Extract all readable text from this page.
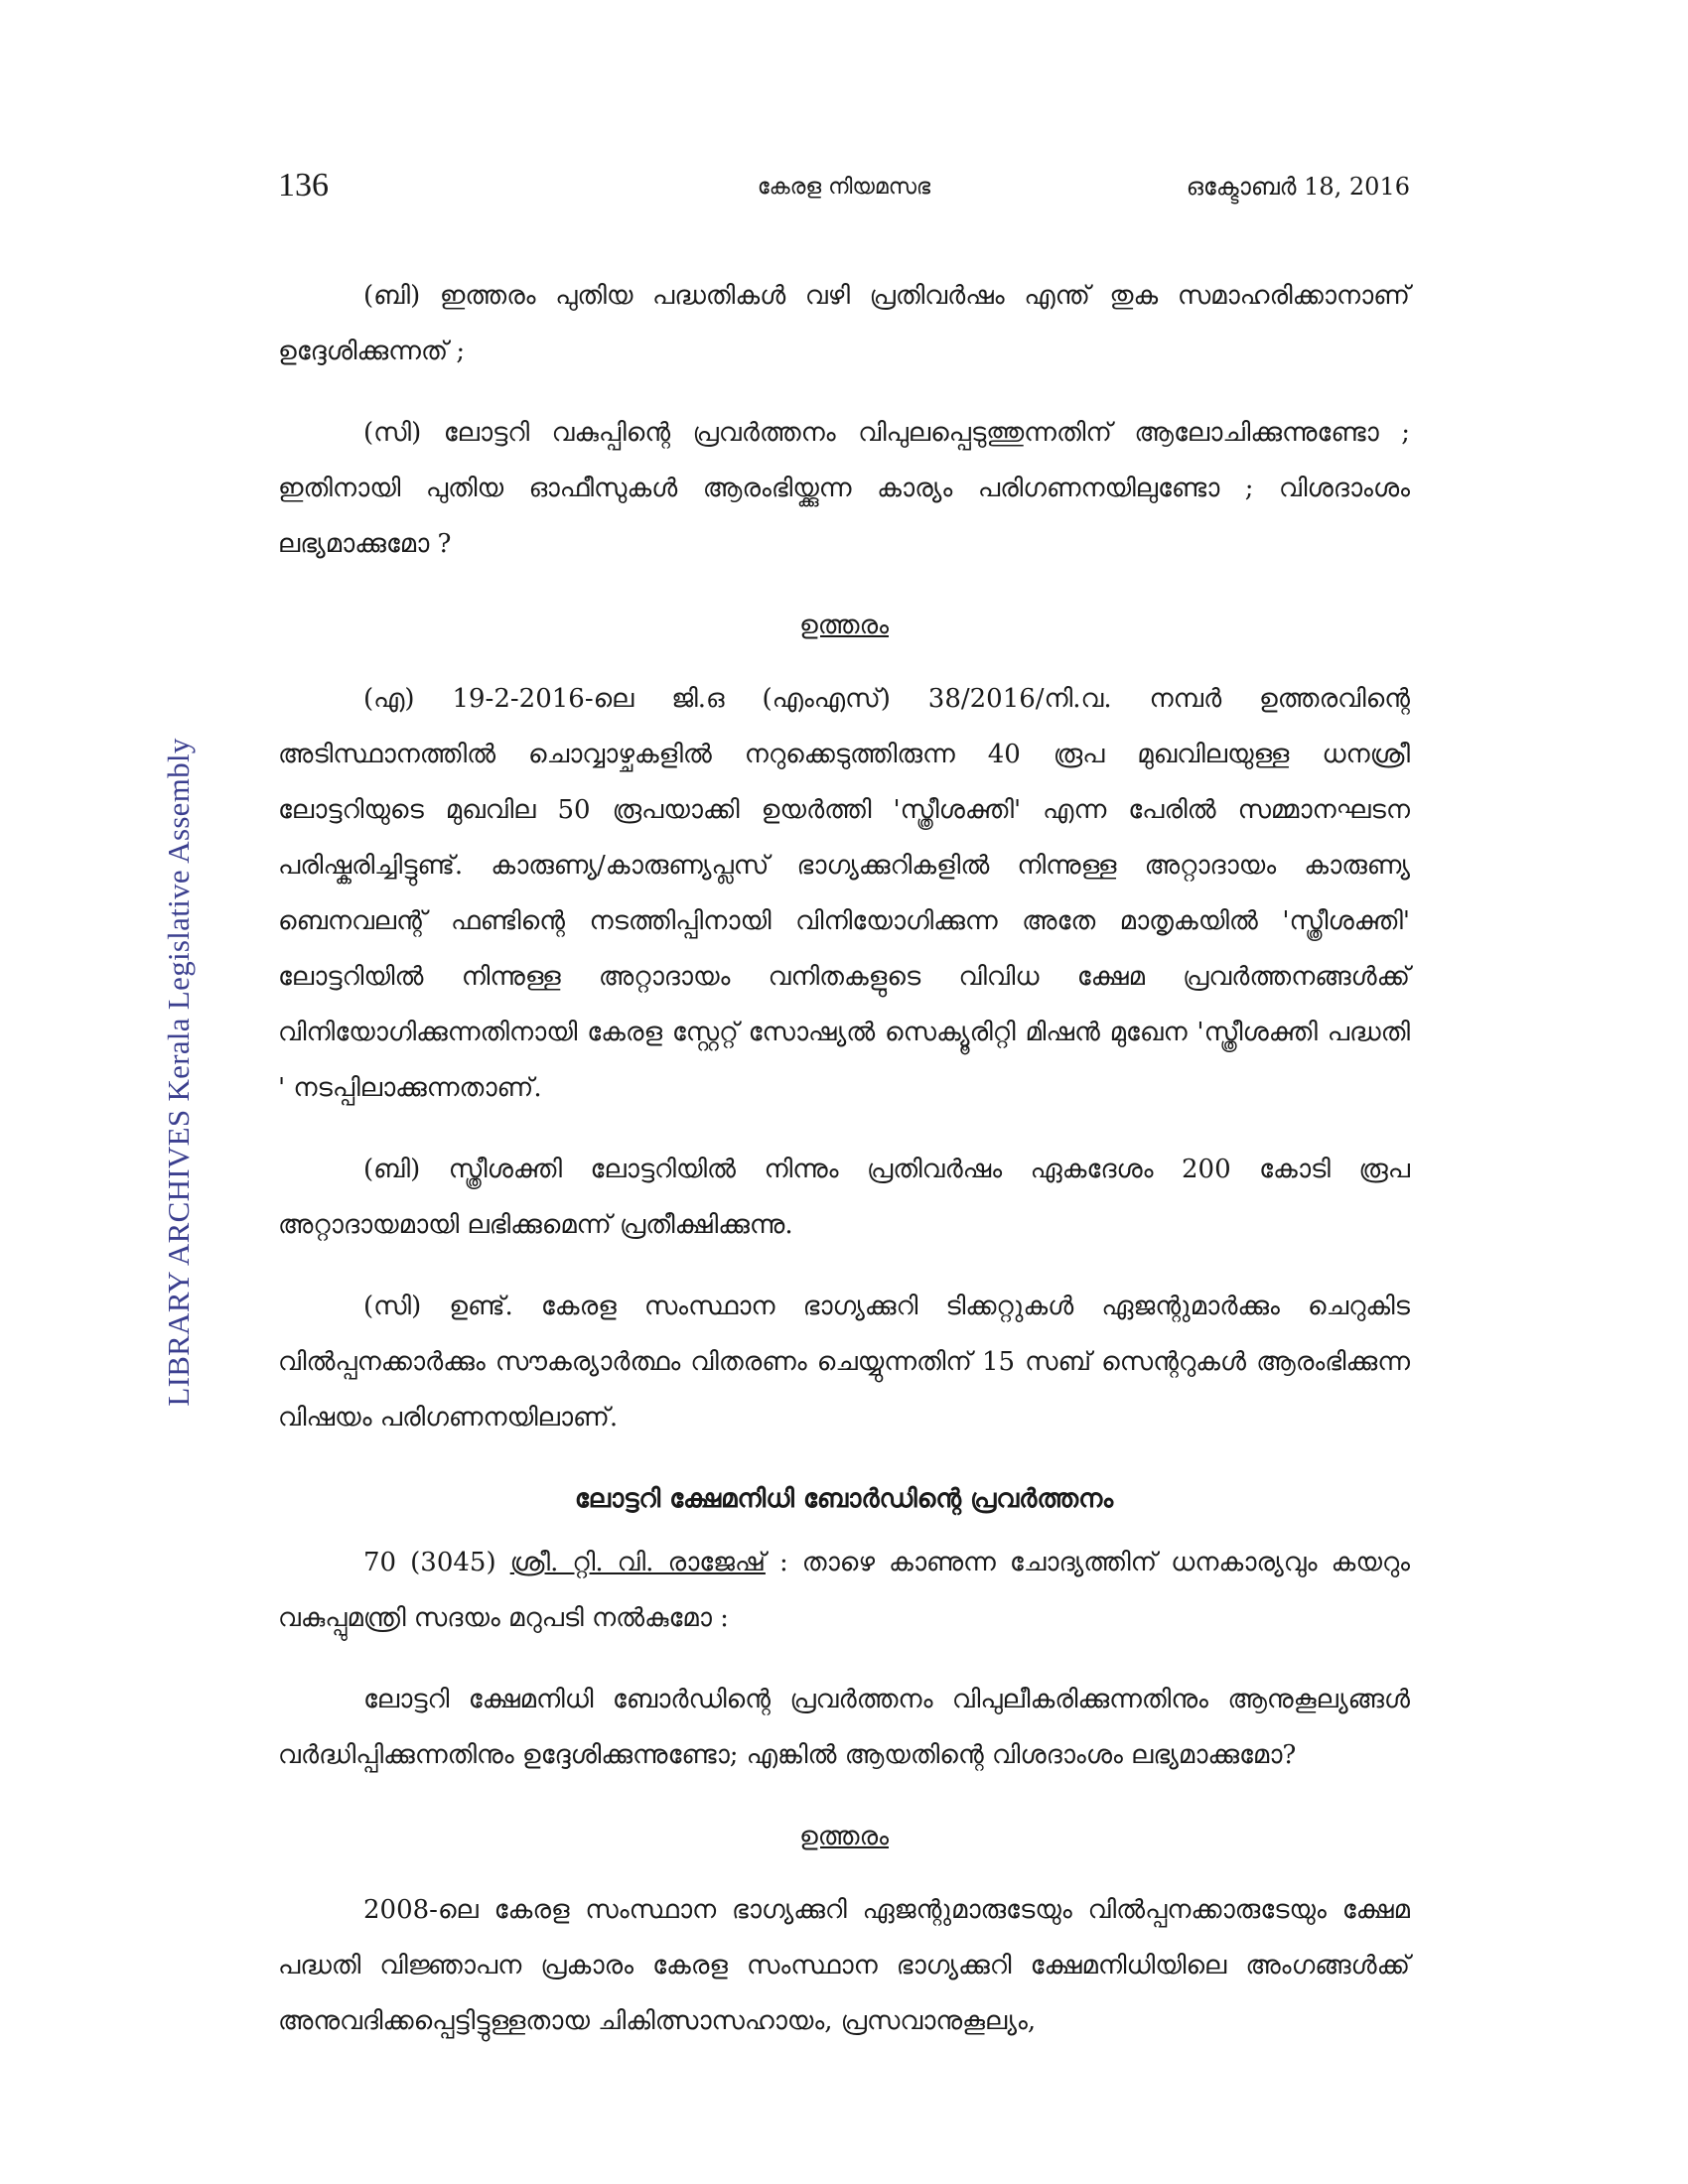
LIBRARY ARCHIVES Kerala Legislative Assembly
136	കേരള നിയമസഭ	ഒക്ടോബർ 18, 2016

(ബി) ഇത്തരം പുതിയ പദ്ധതികൾ വഴി പ്രതിവർഷം എന്ത് തുക സമാഹരിക്കാനാണ് ഉദ്ദേശിക്കുന്നത് ;

(സി) ലോട്ടറി വകുപ്പിന്റെ പ്രവർത്തനം വിപുലപ്പെടുത്തുന്നതിന് ആലോചിക്കുന്നുണ്ടോ ; ഇതിനായി പുതിയ ഓഫീസുകൾ ആരംഭിയ്ക്കുന്ന കാര്യം പരിഗണനയിലുണ്ടോ ; വിശദാംശം ലഭ്യമാക്കുമോ ?

ഉത്തരം

(എ) 19-2-2016-ലെ ജി.ഒ (എംഎസ്) 38/2016/നി.വ. നമ്പർ ഉത്തരവിന്റെ അടിസ്ഥാനത്തിൽ ചൊവ്വാഴ്ചകളിൽ നറുക്കെടുത്തിരുന്ന 40 രൂപ മുഖവിലയുള്ള ധനശ്രീ ലോട്ടറിയുടെ മുഖവില 50 രൂപയാക്കി ഉയർത്തി 'സ്ത്രീശക്തി' എന്ന പേരിൽ സമ്മാനഘടന പരിഷ്കരിച്ചിട്ടുണ്ട്. കാരുണ്യ/കാരുണ്യപ്ലസ് ഭാഗ്യക്കുറികളിൽ നിന്നുള്ള അറ്റാദായം കാരുണ്യ ബെനവലന്റ് ഫണ്ടിന്റെ നടത്തിപ്പിനായി വിനിയോഗിക്കുന്ന അതേ മാതൃകയിൽ 'സ്ത്രീശക്തി' ലോട്ടറിയിൽ നിന്നുള്ള അറ്റാദായം വനിതകളുടെ വിവിധ ക്ഷേമ പ്രവർത്തനങ്ങൾക്ക് വിനിയോഗിക്കുന്നതിനായി കേരള സ്റ്റേറ്റ് സോഷ്യൽ സെക്യൂരിറ്റി മിഷൻ മുഖേന 'സ്ത്രീശക്തി പദ്ധതി ' നടപ്പിലാക്കുന്നതാണ്.

(ബി) സ്ത്രീശക്തി ലോട്ടറിയിൽ നിന്നും പ്രതിവർഷം ഏകദേശം 200 കോടി രൂപ അറ്റാദായമായി ലഭിക്കുമെന്ന് പ്രതീക്ഷിക്കുന്നു.

(സി) ഉണ്ട്. കേരള സംസ്ഥാന ഭാഗ്യക്കുറി ടിക്കറ്റുകൾ ഏജന്റുമാർക്കും ചെറുകിട വിൽപ്പനക്കാർക്കും സൗകര്യാർത്ഥം വിതരണം ചെയ്യുന്നതിന് 15 സബ് സെന്ററുകൾ ആരംഭിക്കുന്ന വിഷയം പരിഗണനയിലാണ്.

ലോട്ടറി ക്ഷേമനിധി ബോർഡിന്റെ പ്രവർത്തനം

70 (3045) ശ്രീ. റ്റി. വി. രാജേഷ് : താഴെ കാണുന്ന ചോദ്യത്തിന് ധനകാര്യവും കയറും വകുപ്പുമന്ത്രി സദയം മറുപടി നൽകുമോ :

ലോട്ടറി ക്ഷേമനിധി ബോർഡിന്റെ പ്രവർത്തനം വിപുലീകരിക്കുന്നതിനും ആനുകൂല്യങ്ങൾ വർദ്ധിപ്പിക്കുന്നതിനും ഉദ്ദേശിക്കുന്നുണ്ടോ; എങ്കിൽ ആയതിന്റെ വിശദാംശം ലഭ്യമാക്കുമോ?

ഉത്തരം

2008-ലെ കേരള സംസ്ഥാന ഭാഗ്യക്കുറി ഏജന്റുമാരുടേയും വിൽപ്പനക്കാരുടേയും ക്ഷേമ പദ്ധതി വിജ്ഞാപന പ്രകാരം കേരള സംസ്ഥാന ഭാഗ്യക്കുറി ക്ഷേമനിധിയിലെ അംഗങ്ങൾക്ക് അനുവദിക്കപ്പെട്ടിട്ടുള്ളതായ ചികിത്സാസഹായം, പ്രസവാനുകൂല്യം,
